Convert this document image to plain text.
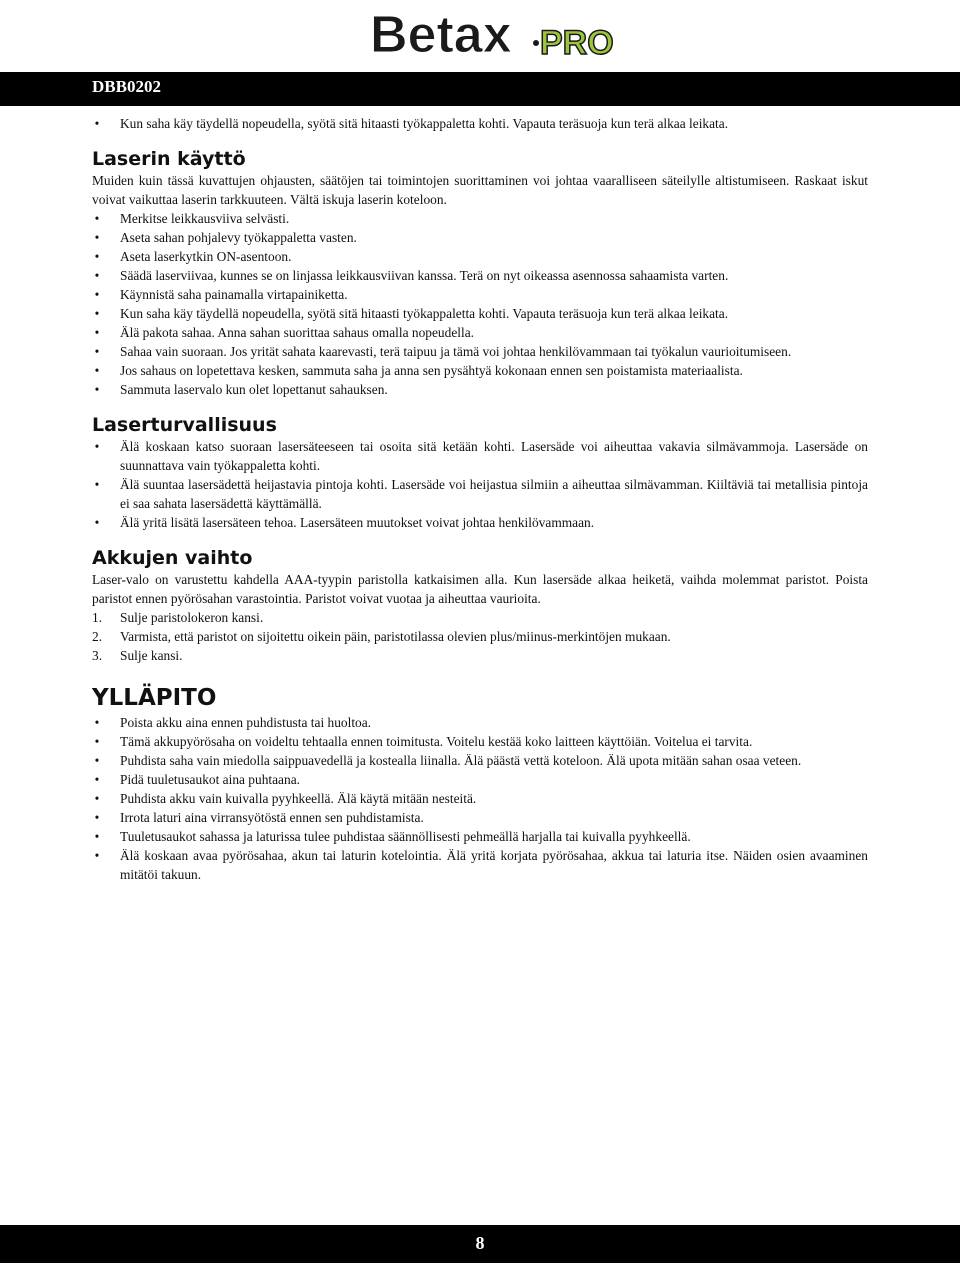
Betax PRO
DBB0202
• Kun saha käy täydellä nopeudella, syötä sitä hitaasti työkappaletta kohti. Vapauta teräsuoja kun terä alkaa leikata.
Laserin käyttö

Muiden kuin tässä kuvattujen ohjausten, säätöjen tai toimintojen suorittaminen voi johtaa vaaralliseen säteilylle altistumiseen. Raskaat iskut voivat vaikuttaa laserin tarkkuuteen. Vältä iskuja laserin koteloon.

• Merkitse leikkausviiva selvästi.
• Aseta sahan pohjalevy työkappaletta vasten.
• Aseta laserkytkin ON-asentoon.
• Säädä laserviivaa, kunnes se on linjassa leikkausviivan kanssa. Terä on nyt oikeassa asennossa sahaamista varten.
• Käynnistä saha painamalla virtapainiketta.
• Kun saha käy täydellä nopeudella, syötä sitä hitaasti työkappaletta kohti. Vapauta teräsuoja kun terä alkaa leikata.
• Älä pakota sahaa. Anna sahan suorittaa sahaus omalla nopeudella.
• Sahaa vain suoraan. Jos yrität sahata kaarevasti, terä taipuu ja tämä voi johtaa henkilövammaan tai työkalun vaurioitumiseen.
• Jos sahaus on lopetettava kesken, sammuta saha ja anna sen pysähtyä kokonaan ennen sen poistamista materiaalista.
• Sammuta laservalo kun olet lopettanut sahauksen.
Laserturvallisuus
• Älä koskaan katso suoraan lasersäteeseen tai osoita sitä ketään kohti. Lasersäde voi aiheuttaa vakavia silmävammoja. Lasersäde on suunnattava vain työkappaletta kohti.
• Älä suuntaa lasersädettä heijastavia pintoja kohti. Lasersäde voi heijastua silmiin a aiheuttaa silmävamman. Kiiltäviä tai metallisia pintoja ei saa sahata lasersädettä käyttämällä.
• Älä yritä lisätä lasersäteen tehoa. Lasersäteen muutokset voivat johtaa henkilövammaan.
Akkujen vaihto

Laser-valo on varustettu kahdella AAA-tyypin paristolla katkaisimen alla. Kun lasersäde alkaa heiketä, vaihda molemmat paristot. Poista paristot ennen pyörösahan varastointia. Paristot voivat vuotaa ja aiheuttaa vaurioita.

1. Sulje paristolokeron kansi.
2. Varmista, että paristot on sijoitettu oikein päin, paristotilassa olevien plus/miinus-merkintöjen mukaan.
3. Sulje kansi.
YLLÄPITO
• Poista akku aina ennen puhdistusta tai huoltoa.
• Tämä akkupyörösaha on voideltu tehtaalla ennen toimitusta. Voitelu kestää koko laitteen käyttöiän. Voitelua ei tarvita.
• Puhdista saha vain miedolla saippuavedellä ja kostealla liinalla. Älä päästä vettä koteloon. Älä upota mitään sahan osaa veteen.
• Pidä tuuletusaukot aina puhtaana.
• Puhdista akku vain kuivalla pyyhkeellä. Älä käytä mitään nesteitä.
• Irrota laturi aina virransyötöstä ennen sen puhdistamista.
• Tuuletusaukot sahassa ja laturissa tulee puhdistaa säännöllisesti pehmeällä harjalla tai kuivalla pyyhkeellä.
• Älä koskaan avaa pyörösahaa, akun tai laturin kotelointia. Älä yritä korjata pyörösahaa, akkua tai laturia itse. Näiden osien avaaminen mitätöi takuun.
8
